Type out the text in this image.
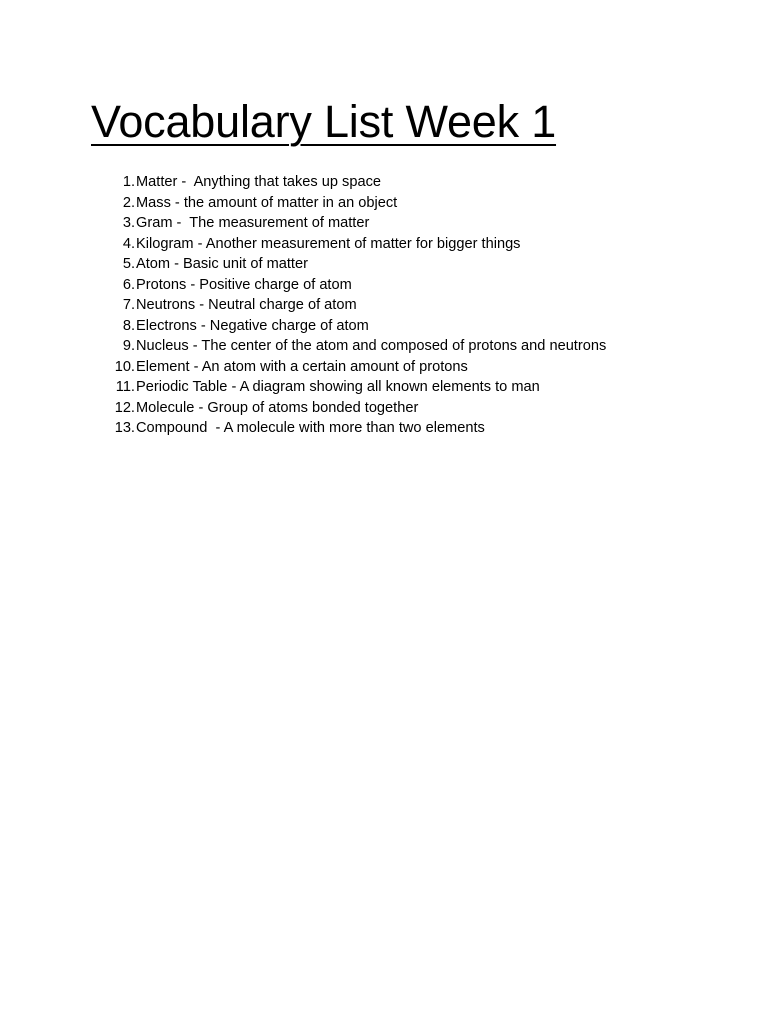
Vocabulary List Week 1
1. Matter -  Anything that takes up space
2. Mass - the amount of matter in an object
3. Gram -  The measurement of matter
4. Kilogram - Another measurement of matter for bigger things
5. Atom - Basic unit of matter
6. Protons - Positive charge of atom
7. Neutrons - Neutral charge of atom
8. Electrons - Negative charge of atom
9. Nucleus - The center of the atom and composed of protons and neutrons
10. Element - An atom with a certain amount of protons
11. Periodic Table - A diagram showing all known elements to man
12. Molecule - Group of atoms bonded together
13. Compound  - A molecule with more than two elements
